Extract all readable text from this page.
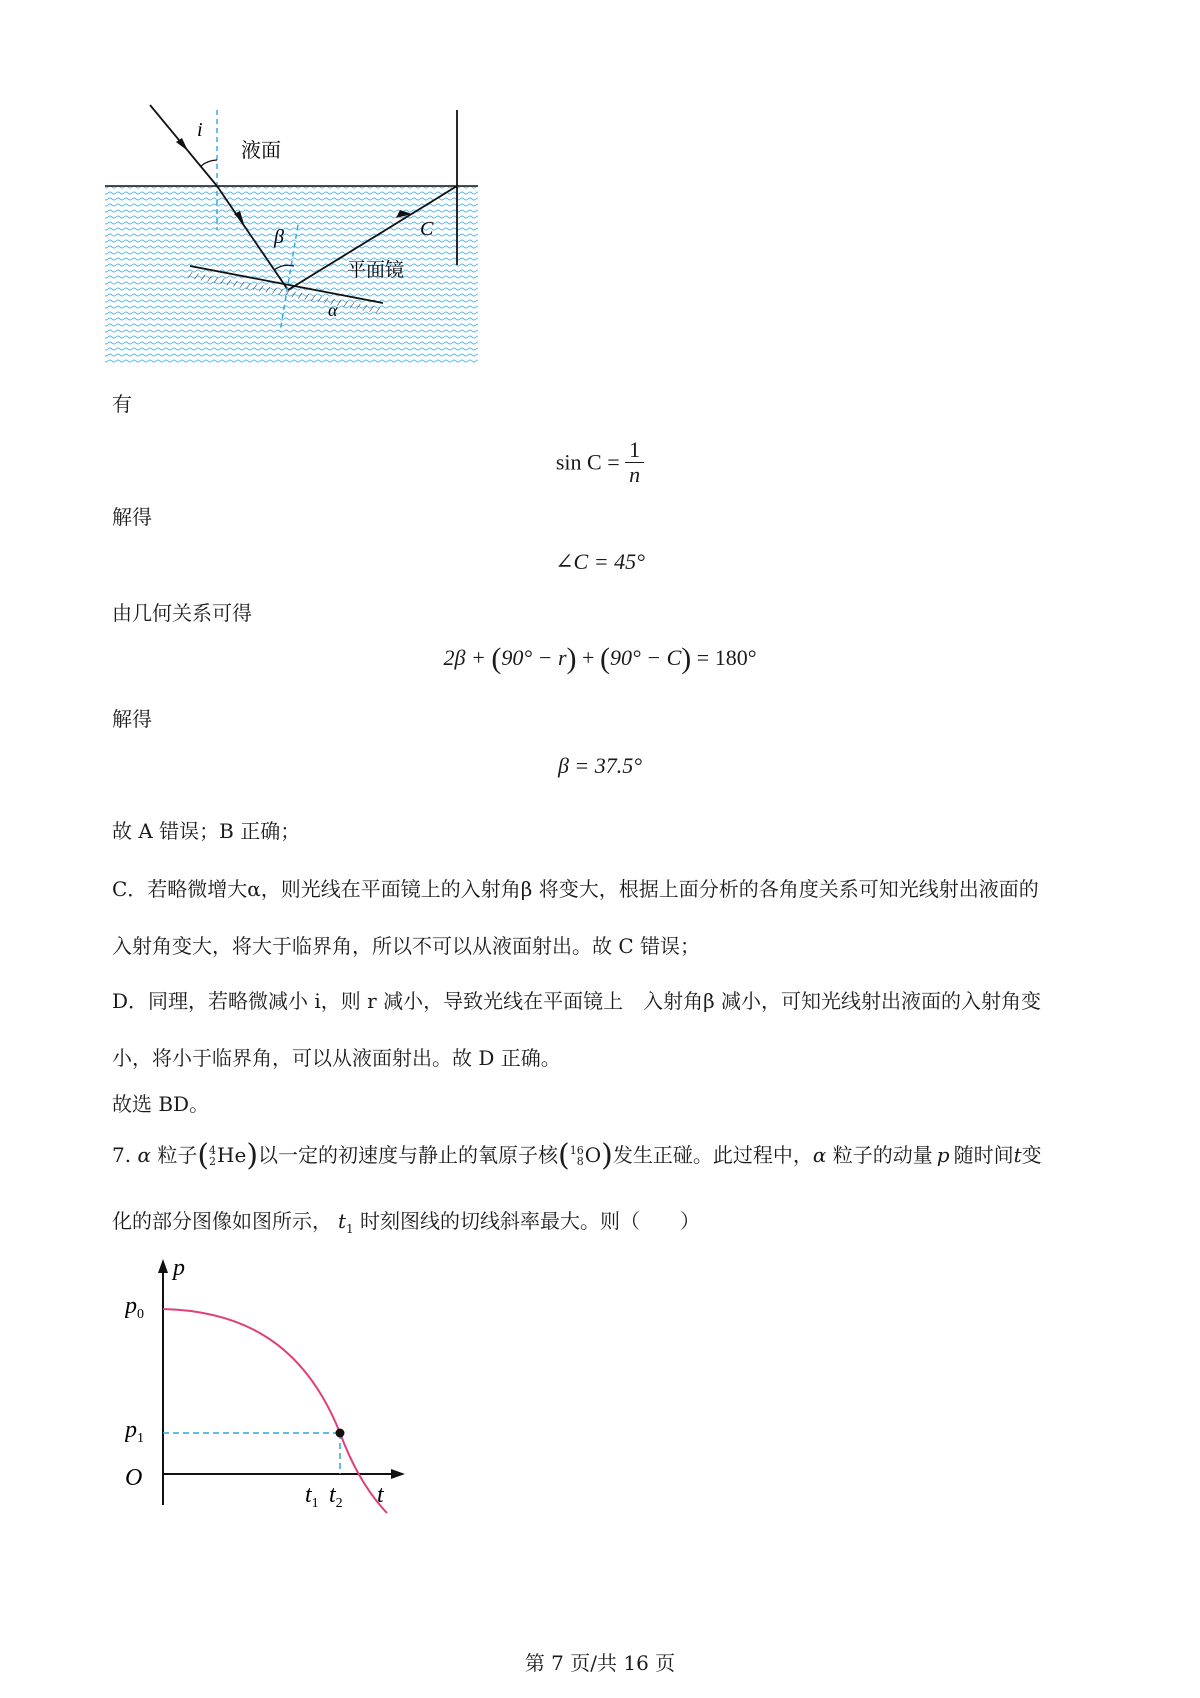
i
液面
β	C
平面镜
α
有
$\sin C = \frac{1}{n}$
解得
∠C = 45°
由几何关系可得
2β + (90° − r) + (90° − C) = 180°
解得
β = 37.5°
故 A 错误；B 正确；
C．若略微增大α，则光线在平面镜上的入射角β 将变大，根据上面分析的各角度关系可知光线射出液面的
入射角变大，将大于临界角，所以不可以从液面射出。故 C 错误；
D．同理，若略微减小 i，则 r 减小，导致光线在平面镜上　入射角β 减小，可知光线射出液面的入射角变
小，将小于临界角，可以从液面射出。故 D 正确。
故选 BD。
7. α 粒子(4
2He)以一定的初速度与静止的氧原子核(16
8O)发生正碰。此过程中，α 粒子的动量 p 随时间t变
化的部分图像如图所示， $t_1$ 时刻图线的切线斜率最大。则（　　）
p
$p_0$
$p_1$
O
$t_1$ $t_2$ t
第 7 页/共 16 页
